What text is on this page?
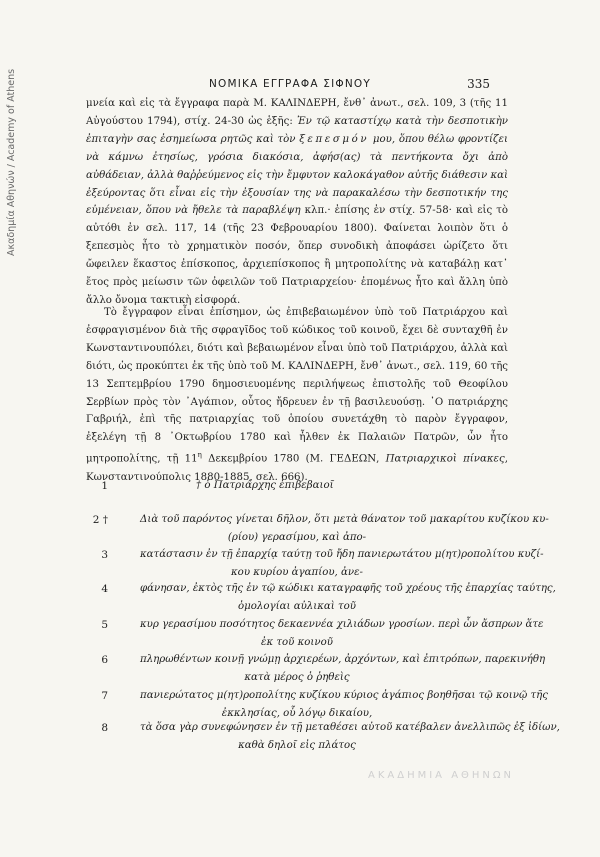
Ακαδημία Αθηνών / Academy of Athens	ΝΟΜΙΚΑ ΕΓΓΡΑΦΑ ΣΙΦΝΟΥ	335

μνεία καὶ εἰς τὰ ἔγγραφα παρὰ Μ. ΚΑΛΙΝΔΕΡΗ, ἔνθ᾿ ἀνωτ., σελ. 109, 3 (τῆς 11 Αὐγούστου 1794), στίχ. 24-30 ὡς ἑξῆς: Ἐν τῷ καταστίχῳ κατὰ τὴν δεσποτικὴν ἐπιταγὴν σας ἐσημείωσα ρητῶς καὶ τὸν ξεπεσμόν μου, ὅπου θέλω φροντίζει νὰ κάμνω ἐτησίως, γρόσια διακόσια, ἀφήσ(ας) τὰ πεντήκοντα ὄχι ἀπὸ αὐθάδειαν, ἀλλὰ θαῤῥεύμενος εἰς τὴν ἔμφυτον καλοκάγαθον αὐτῆς διάθεσιν καὶ ἐξεύροντας ὅτι εἶναι εἰς τὴν ἐξουσίαν της νὰ παρακαλέσω τὴν δεσποτικήν της εὐμένειαν, ὅπου νὰ ἤθελε τὰ παραβλέψη κλπ.· ἐπίσης ἐν στίχ. 57-58· καὶ εἰς τὸ αὐτόθι ἐν σελ. 117, 14 (τῆς 23 Φεβρουαρίου 1800). Φαίνεται λοιπὸν ὅτι ὁ ξεπεσμὸς ἦτο τὸ χρηματικὸν ποσόν, ὅπερ συνοδικὴ ἀποφάσει ὡρίζετο ὅτι ὤφειλεν ἕκαστος ἐπίσκοπος, ἀρχιεπίσκοπος ἢ μητροπολίτης νὰ καταβάλῃ κατ᾿ ἔτος πρὸς μείωσιν τῶν ὀφειλῶν τοῦ Πατριαρχείου· ἐπομένως ἦτο καὶ ἄλλη ὑπὸ ἄλλο ὄνομα τακτικὴ εἰσφορά.

Τὸ ἔγγραφον εἶναι ἐπίσημον, ὡς ἐπιβεβαιωμένον ὑπὸ τοῦ Πατριάρχου καὶ ἐσφραγισμένον διὰ τῆς σφραγῖδος τοῦ κώδικος τοῦ κοινοῦ, ἔχει δὲ συνταχθῆ ἐν Κωνσταντινουπόλει, διότι καὶ βεβαιωμένον εἶναι ὑπὸ τοῦ Πατριάρχου, ἀλλὰ καὶ διότι, ὡς προκύπτει ἐκ τῆς ὑπὸ τοῦ Μ. ΚΑΛΙΝΔΕΡΗ, ἔνθ᾿ ἀνωτ., σελ. 119, 60 τῆς 13 Σεπτεμβρίου 1790 δημοσιευομένης περιλήψεως ἐπιστολῆς τοῦ Θεοφίλου Σερβίων πρὸς τὸν ᾿Αγάπιον, οὗτος ἤδρευεν ἐν τῇ βασιλευούσῃ. ᾿Ο πατριάρχης Γαβριήλ, ἐπὶ τῆς πατριαρχίας τοῦ ὁποίου συνετάχθη τὸ παρὸν ἔγγραφον, ἐξελέγη τῇ 8 ᾿Οκτωβρίου 1780 καὶ ἦλθεν ἐκ Παλαιῶν Πατρῶν, ὧν ἦτο μητροπολίτης, τῇ $11^\eta$ Δεκεμβρίου 1780 (Μ. ΓΕΔΕΩΝ, Πατριαρχικοὶ πίνακες, Κωνσταντινούπολις 1880-1885, σελ. 666).

1	† ὁ Πατριάρχης ἐπιβεβαιοῖ
2 †	Διὰ τοῦ παρόντος γίνεται δῆλον, ὅτι μετὰ θάνατον τοῦ μακαρίτου κυζίκου κυ-
(ρίου) γερασίμου, καὶ ἀπο-
3	κατάστασιν ἐν τῇ ἐπαρχίᾳ ταύτῃ τοῦ ἤδη πανιερωτάτου μ(ητ)ροπολίτου κυζί-
κου κυρίου ἀγαπίου, ἀνε-
4	φάνησαν, ἐκτὸς τῆς ἐν τῷ κώδικι καταγραφῆς τοῦ χρέους τῆς ἐπαρχίας ταύτης,
ὁμολογίαι αὐλικαὶ τοῦ
5	κυρ γερασίμου ποσότητος δεκαεννέα χιλιάδων γροσίων. περὶ ὧν ἄσπρων ἅτε
ἐκ τοῦ κοινοῦ
6	πληρωθέντων κοινῇ γνώμῃ ἀρχιερέων, ἀρχόντων, καὶ ἐπιτρόπων, παρεκινήθη
κατὰ μέρος ὁ ῥηθεὶς
7	πανιερώτατος μ(ητ)ροπολίτης κυζίκου κύριος ἀγάπιος βοηθῆσαι τῷ κοινῷ τῆς
ἐκκλησίας, οὗ λόγῳ δικαίου,
8	τὰ ὅσα γὰρ συνεφώνησεν ἐν τῇ μεταθέσει αὐτοῦ κατέβαλεν ἀνελλιπῶς ἐξ ἰδίων,
καθὰ δηλοῖ εἰς πλάτος
ΑΚΑΔΗΜΙΑ ΑΘΗΝΩΝ
